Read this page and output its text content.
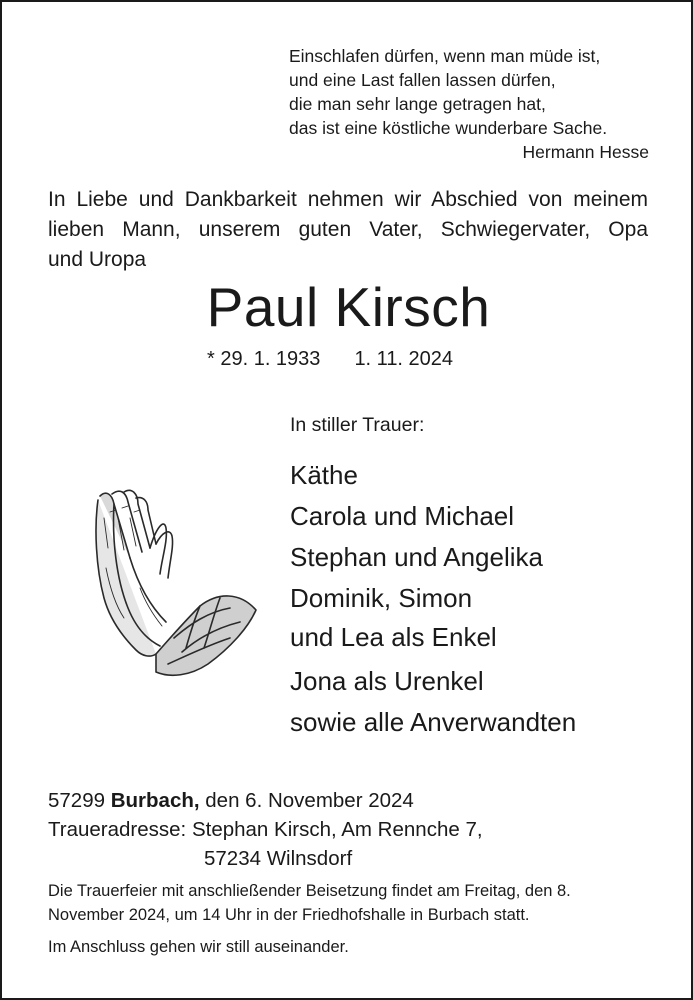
Einschlafen dürfen, wenn man müde ist,
und eine Last fallen lassen dürfen,
die man sehr lange getragen hat,
das ist eine köstliche wunderbare Sache.
Hermann Hesse
In Liebe und Dankbarkeit nehmen wir Abschied von meinem
lieben Mann, unserem guten Vater, Schwiegervater, Opa
und Uropa
Paul Kirsch
* 29. 1. 1933 1. 11. 2024
In stiller Trauer:
Käthe
Carola und Michael
Stephan und Angelika
Dominik, Simon
und Lea als Enkel
Jona als Urenkel
sowie alle Anverwandten
57299 Burbach, den 6. November 2024
Traueradresse: Stephan Kirsch, Am Rennche 7,
57234 Wilnsdorf

Die Trauerfeier mit anschließender Beisetzung findet am Freitag, den 8. November 2024, um 14 Uhr in der Friedhofshalle in Burbach statt.

Im Anschluss gehen wir still auseinander.
